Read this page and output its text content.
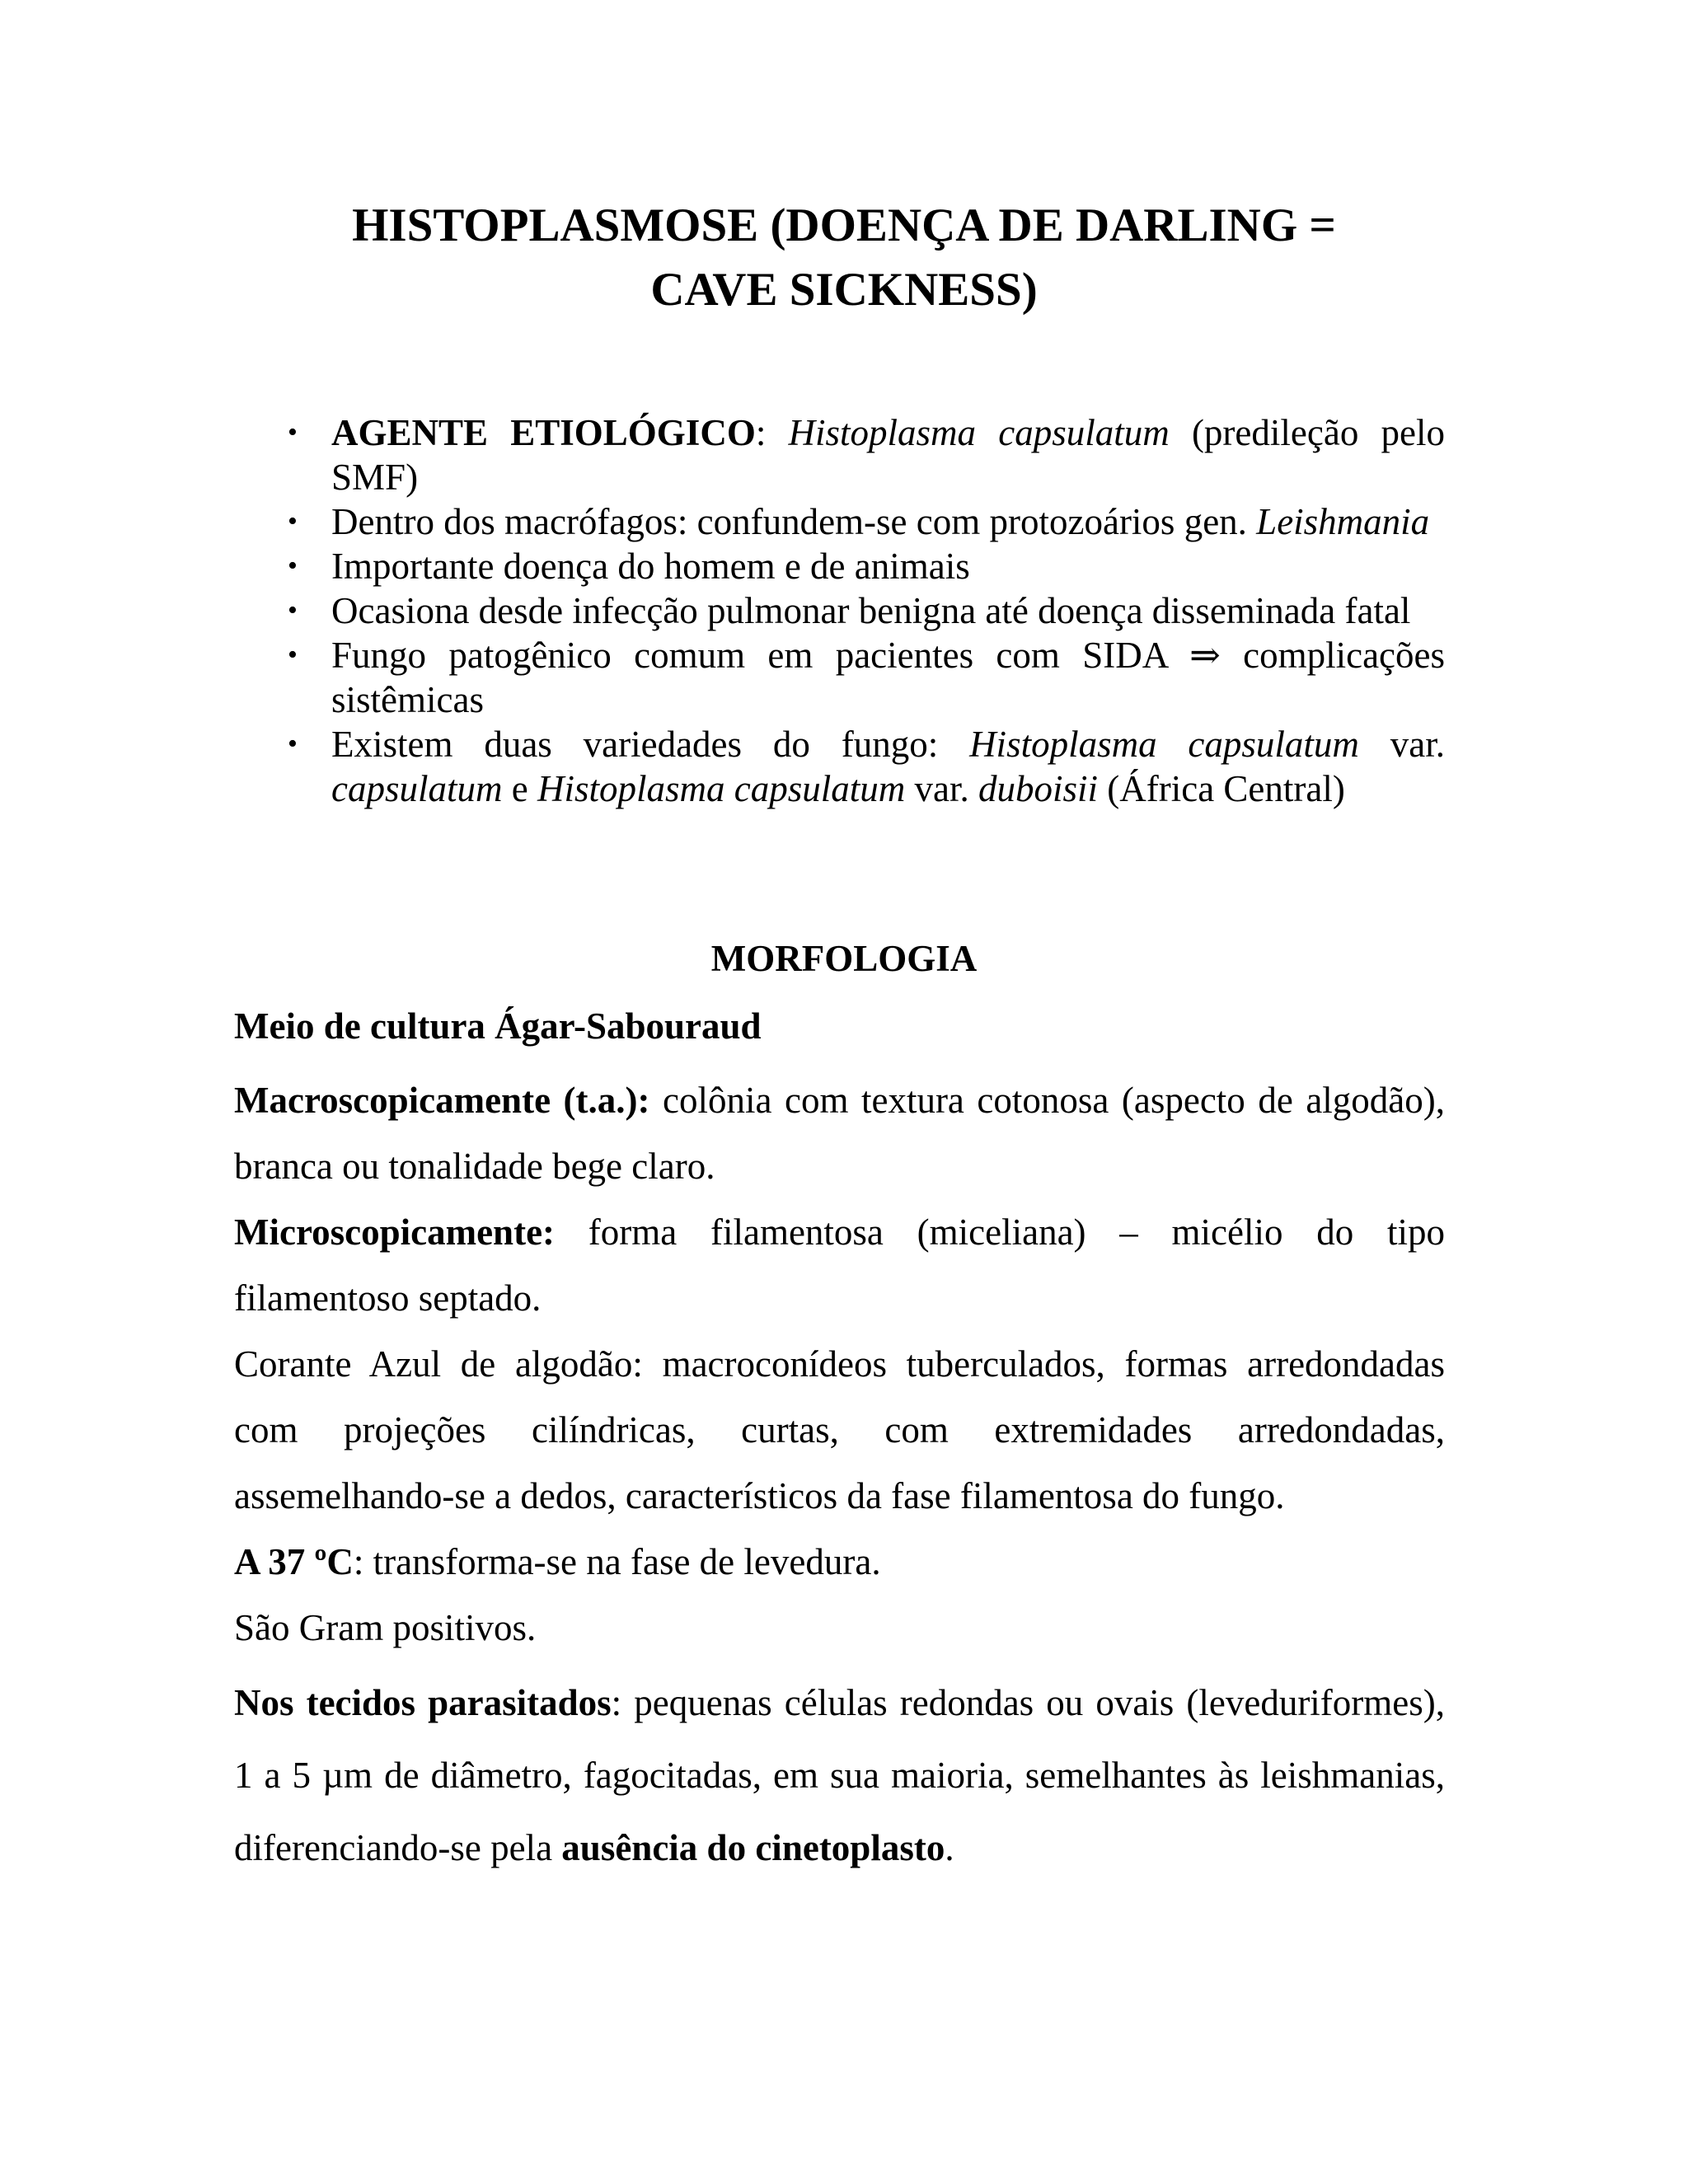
HISTOPLASMOSE (DOENÇA DE DARLING =
CAVE SICKNESS)
• AGENTE ETIOLÓGICO: Histoplasma capsulatum (predileção pelo SMF)
• Dentro dos macrófagos: confundem-se com protozoários gen. Leishmania
• Importante doença do homem e de animais
• Ocasiona desde infecção pulmonar benigna até doença disseminada fatal
• Fungo patogênico comum em pacientes com SIDA ⇒ complicações sistêmicas
• Existem duas variedades do fungo: Histoplasma capsulatum var. capsulatum e Histoplasma capsulatum var. duboisii (África Central)
MORFOLOGIA
Meio de cultura Ágar-Sabouraud
Macroscopicamente (t.a.): colônia com textura cotonosa (aspecto de algodão), branca ou tonalidade bege claro.
Microscopicamente: forma filamentosa (miceliana) – micélio do tipo filamentoso septado.
Corante Azul de algodão: macroconídeos tuberculados, formas arredondadas com projeções cilíndricas, curtas, com extremidades arredondadas, assemelhando-se a dedos, característicos da fase filamentosa do fungo.
A 37 ºC: transforma-se na fase de levedura.
São Gram positivos.
Nos tecidos parasitados: pequenas células redondas ou ovais (leveduriformes), 1 a 5 µm de diâmetro, fagocitadas, em sua maioria, semelhantes às leishmanias, diferenciando-se pela ausência do cinetoplasto.
